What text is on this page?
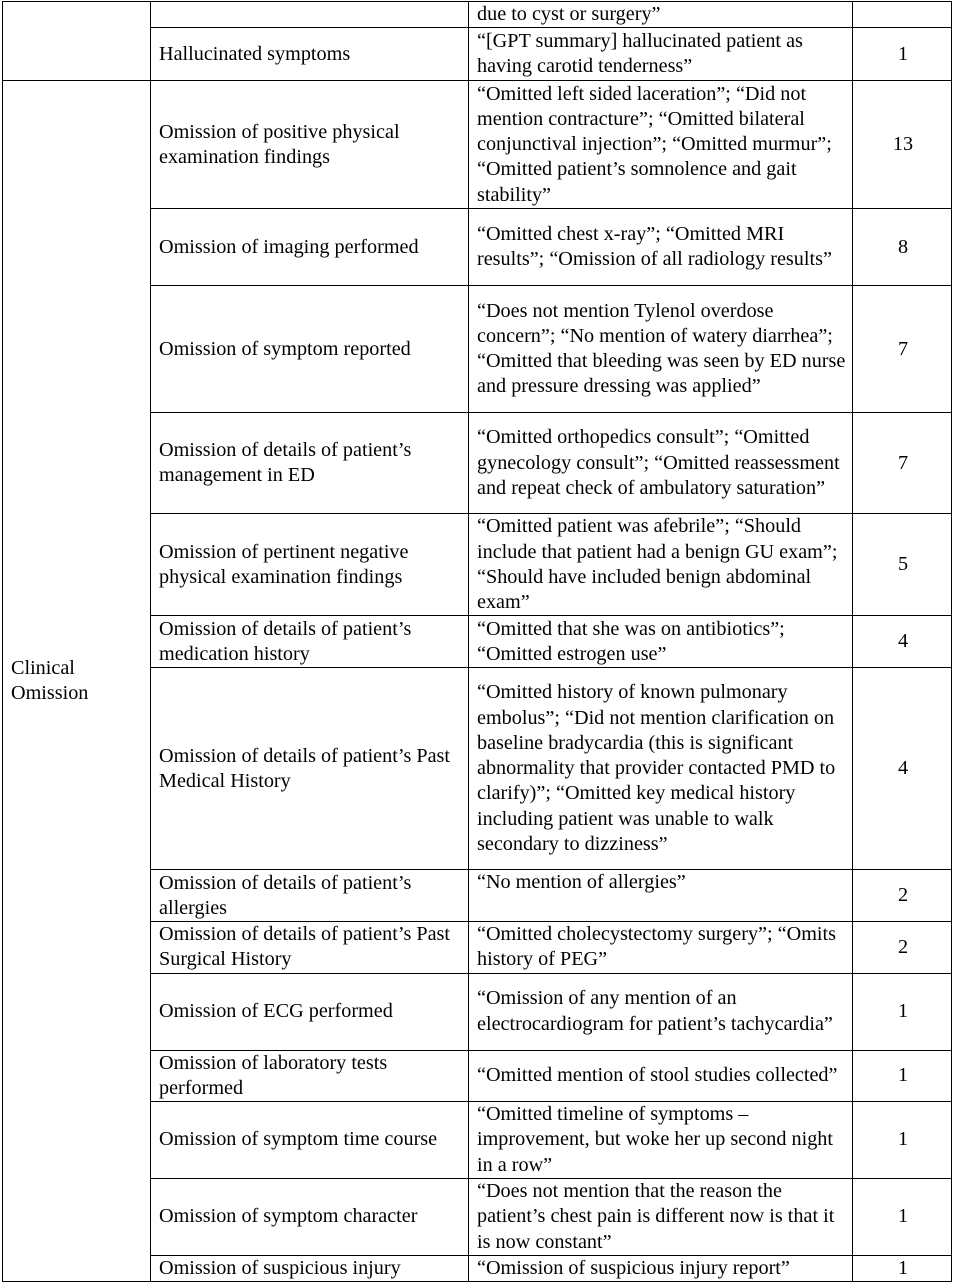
		due to cyst or surgery”	
	Hallucinated symptoms	“[GPT summary] hallucinated patient as having carotid tenderness”	1
Clinical Omission	Omission of positive physical examination findings	“Omitted left sided laceration”; “Did not mention contracture”; “Omitted bilateral conjunctival injection”; “Omitted murmur”; “Omitted patient’s somnolence and gait stability”	13
	Omission of imaging performed	“Omitted chest x-ray”; “Omitted MRI results”; “Omission of all radiology results”	8
	Omission of symptom reported	“Does not mention Tylenol overdose concern”; “No mention of watery diarrhea”; “Omitted that bleeding was seen by ED nurse and pressure dressing was applied”	7
	Omission of details of patient’s management in ED	“Omitted orthopedics consult”; “Omitted gynecology consult”; “Omitted reassessment and repeat check of ambulatory saturation”	7
	Omission of pertinent negative physical examination findings	“Omitted patient was afebrile”; “Should include that patient had a benign GU exam”; “Should have included benign abdominal exam”	5
	Omission of details of patient’s medication history	“Omitted that she was on antibiotics”; “Omitted estrogen use”	4
	Omission of details of patient’s Past Medical History	“Omitted history of known pulmonary embolus”; “Did not mention clarification on baseline bradycardia (this is significant abnormality that provider contacted PMD to clarify)”; “Omitted key medical history including patient was unable to walk secondary to dizziness”	4
	Omission of details of patient’s allergies	“No mention of allergies”	2
	Omission of details of patient’s Past Surgical History	“Omitted cholecystectomy surgery”; “Omits history of PEG”	2
	Omission of ECG performed	“Omission of any mention of an electrocardiogram for patient’s tachycardia”	1
	Omission of laboratory tests performed	“Omitted mention of stool studies collected”	1
	Omission of symptom time course	“Omitted timeline of symptoms – improvement, but woke her up second night in a row”	1
	Omission of symptom character	“Does not mention that the reason the patient’s chest pain is different now is that it is now constant”	1
	Omission of suspicious injury	“Omission of suspicious injury report”	1
